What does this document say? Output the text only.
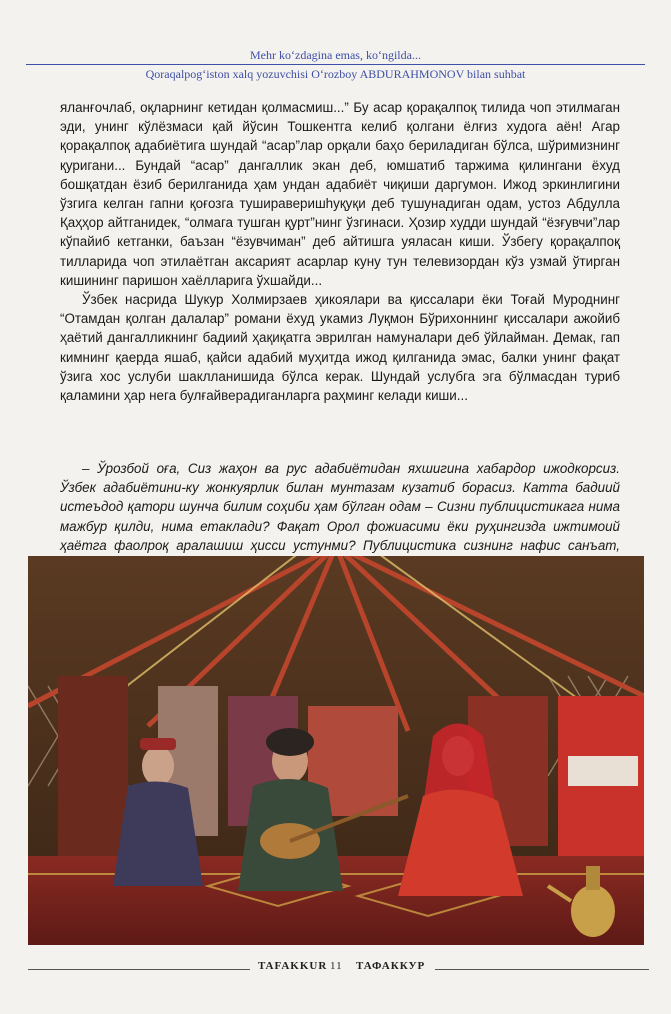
Mehr koʻzdagina emas, koʻngilda...
Qoraqalpogʻiston xalq yozuvchisi Oʻrozboy ABDURAHMONOV bilan suhbat

яланғочлаб, оқларнинг кетидан қолмасмиш...” Бу асар қорақалпоқ тилида чоп этилмаган эди, унинг кўлёзмаси қай йўсин Тошкентга келиб қолгани ёлғиз худога аён! Агар қорақалпоқ адабиётига шундай “асар”лар орқали баҳо бериладиган бўлса, шўримизнинг қуригани... Бундай “асар” дангаллик экан деб, юмшатиб таржима қилингани ёхуд бошқатдан ёзиб берилганида ҳам ундан адабиёт чиқиши даргумон. Ижод эркинлигини ўзгига келган гапни қоғозга тушираверишhуқуқи деб тушунадиган одам, устоз Абдулла Қаҳҳор айтганидек, “олмага тушган қурт”нинг ўзгинаси. Ҳозир худди шундай “ёзғувчи”лар кўпайиб кетганки, баъзан “ёзувчиман” деб айтишга уяласан киши. Ўзбегу қорақалпоқ тилларида чоп этилаётган аксарият асарлар куну тун телевизордан кўз узмай ўтирган кишининг паришон хаёлларига ўхшайди...

Ўзбек насрида Шукур Холмирзаев ҳикоялари ва қиссалари ёки Тоғай Муроднинг “Отамдан қолган далалар” романи ёхуд укамиз Луқмон Бўрихоннинг қиссалари ажойиб ҳаётий дангалликнинг бадиий ҳақиқатга эврилган намуналари деб ўйлайман. Демак, гап кимнинг қаерда яшаб, қайси адабий муҳитда ижод қилганида эмас, балки унинг фақат ўзига хос услуби шаклланишида бўлса керак. Шундай услубга эга бўлмасдан туриб қаламини ҳар нега булғайверадиганларга раҳминг келади киши...

– Ўрозбой оға, Сиз жаҳон ва рус адабиётидан яхшигина хабардор ижодкорсиз. Ўзбек адабиётини-ку жонкуярлик билан мунтазам кузатиб борасиз. Катта бадиий истеъдод қатори шунча билим соҳиби ҳам бўлган одам – Сизни публицистикага нима мажбур қилди, нима етаклади? Фақат Орол фожиасими ёки руҳингизда ижтимоий ҳаётга фаолроқ аралашиш ҳисси устунми? Публицистика сизнинг нафис санъат,

TAFAKKUR 11 ТАФАККУР
